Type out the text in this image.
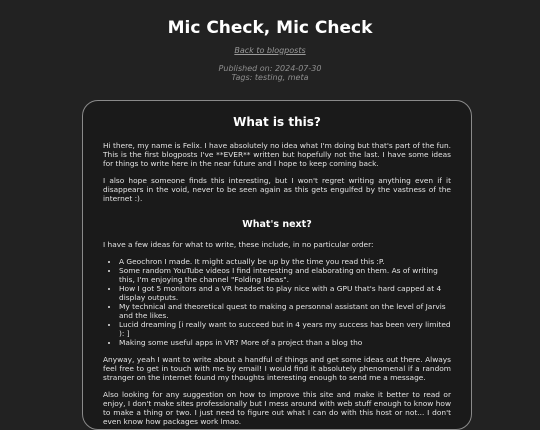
Mic Check, Mic Check
Back to blogposts
Published on: 2024-07-30
Tags: testing, meta
What is this?

Hi there, my name is Felix. I have absolutely no idea what I'm doing but that's part of the fun. This is the first blogposts I've **EVER** written but hopefully not the last. I have some ideas for things to write here in the near future and I hope to keep coming back.

I also hope someone finds this interesting, but I won't regret writing anything even if it disappears in the void, never to be seen again as this gets engulfed by the vastness of the internet :).

What's next?

I have a few ideas for what to write, these include, in no particular order:

• A Geochron I made. It might actually be up by the time you read this :P.
• Some random YouTube videos I find interesting and elaborating on them. As of writing this, I'm enjoying the channel "Folding Ideas".
• How I got 5 monitors and a VR headset to play nice with a GPU that's hard capped at 4 display outputs.
• My technical and theoretical quest to making a personnal assistant on the level of Jarvis and the likes.
• Lucid dreaming [i really want to succeed but in 4 years my success has been very limited ): ]
• Making some useful apps in VR? More of a project than a blog tho

Anyway, yeah I want to write about a handful of things and get some ideas out there. Always feel free to get in touch with me by email! I would find it absolutely phenomenal if a random stranger on the internet found my thoughts interesting enough to send me a message.

Also looking for any suggestion on how to improve this site and make it better to read or enjoy, I don't make sites professionally but I mess around with web stuff enough to know how to make a thing or two. I just need to figure out what I can do with this host or not... I don't even know how packages work lmao.
